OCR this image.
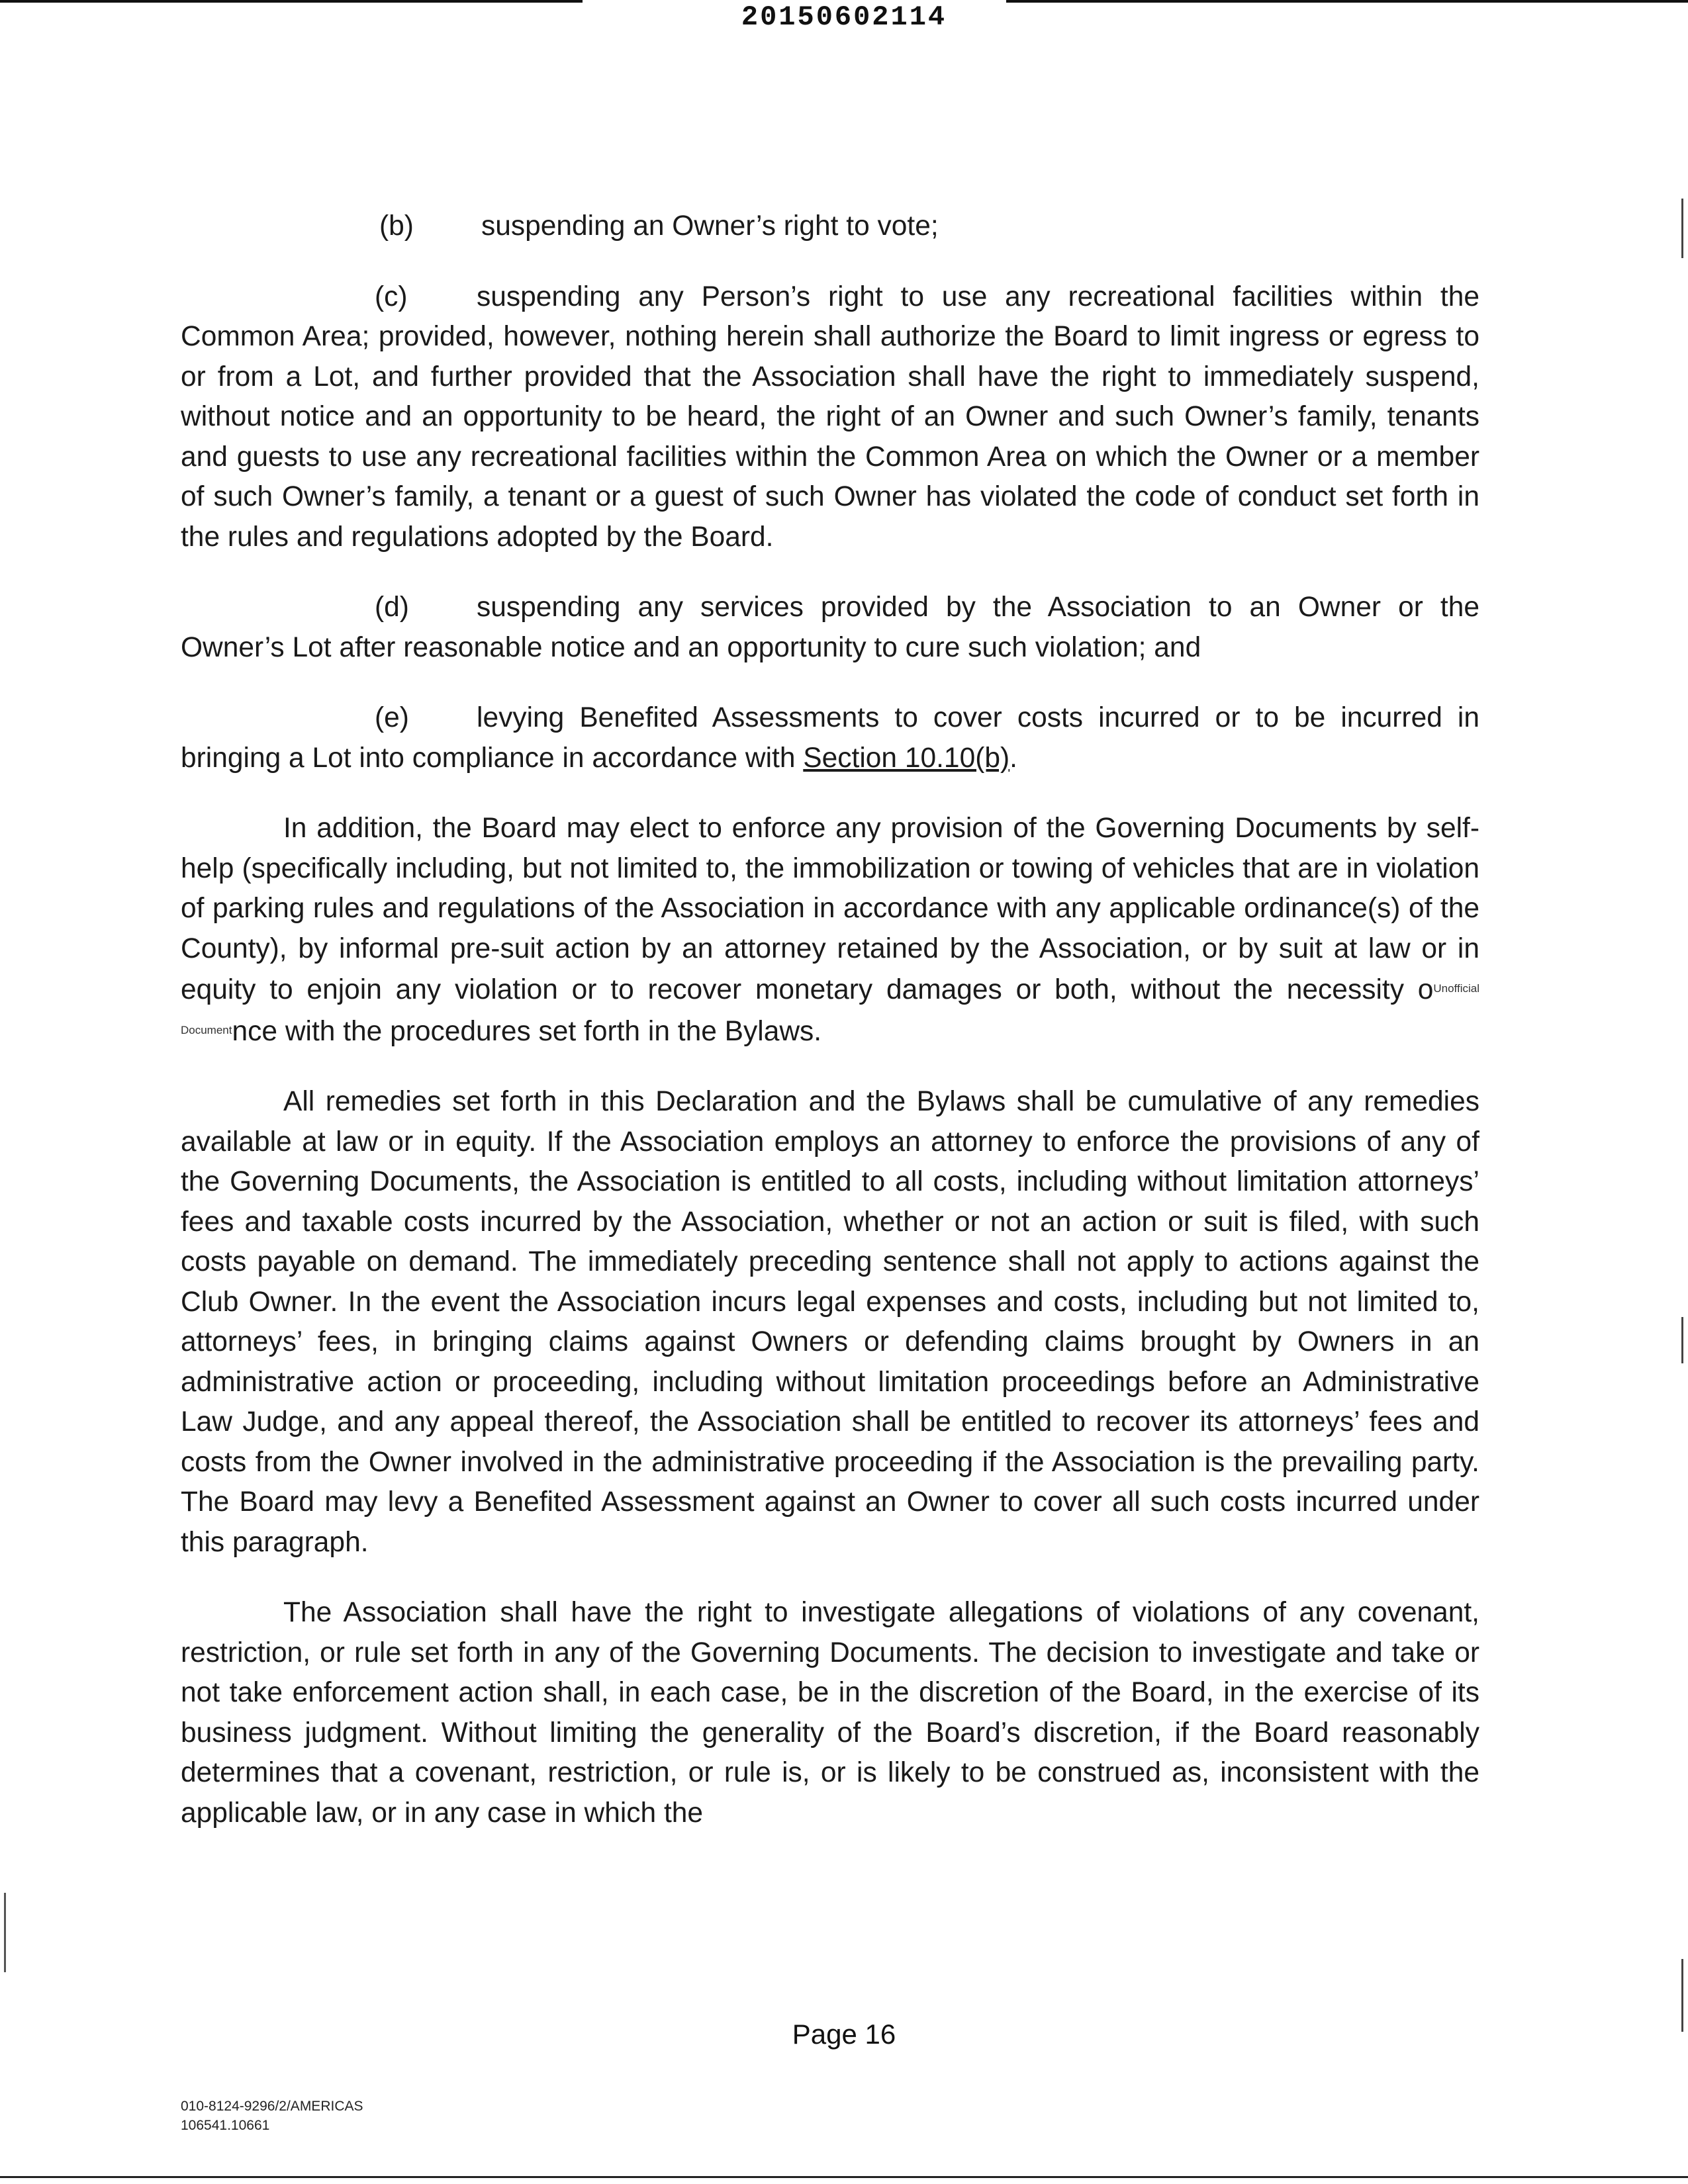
20150602114

(b) suspending an Owner’s right to vote;

(c) suspending any Person’s right to use any recreational facilities within the Common Area; provided, however, nothing herein shall authorize the Board to limit ingress or egress to or from a Lot, and further provided that the Association shall have the right to immediately suspend, without notice and an opportunity to be heard, the right of an Owner and such Owner’s family, tenants and guests to use any recreational facilities within the Common Area on which the Owner or a member of such Owner’s family, a tenant or a guest of such Owner has violated the code of conduct set forth in the rules and regulations adopted by the Board.

(d) suspending any services provided by the Association to an Owner or the Owner’s Lot after reasonable notice and an opportunity to cure such violation; and

(e) levying Benefited Assessments to cover costs incurred or to be incurred in bringing a Lot into compliance in accordance with Section 10.10(b).

In addition, the Board may elect to enforce any provision of the Governing Documents by self-help (specifically including, but not limited to, the immobilization or towing of vehicles that are in violation of parking rules and regulations of the Association in accordance with any applicable ordinance(s) of the County), by informal pre-suit action by an attorney retained by the Association, or by suit at law or in equity to enjoin any violation or to recover monetary damages or both, without the necessity $o^{Unofficial Document}nce$ with the procedures set forth in the Bylaws.

All remedies set forth in this Declaration and the Bylaws shall be cumulative of any remedies available at law or in equity. If the Association employs an attorney to enforce the provisions of any of the Governing Documents, the Association is entitled to all costs, including without limitation attorneys’ fees and taxable costs incurred by the Association, whether or not an action or suit is filed, with such costs payable on demand. The immediately preceding sentence shall not apply to actions against the Club Owner. In the event the Association incurs legal expenses and costs, including but not limited to, attorneys’ fees, in bringing claims against Owners or defending claims brought by Owners in an administrative action or proceeding, including without limitation proceedings before an Administrative Law Judge, and any appeal thereof, the Association shall be entitled to recover its attorneys’ fees and costs from the Owner involved in the administrative proceeding if the Association is the prevailing party. The Board may levy a Benefited Assessment against an Owner to cover all such costs incurred under this paragraph.

The Association shall have the right to investigate allegations of violations of any covenant, restriction, or rule set forth in any of the Governing Documents. The decision to investigate and take or not take enforcement action shall, in each case, be in the discretion of the Board, in the exercise of its business judgment. Without limiting the generality of the Board’s discretion, if the Board reasonably determines that a covenant, restriction, or rule is, or is likely to be construed as, inconsistent with the applicable law, or in any case in which the

Page 16
010-8124-9296/2/AMERICAS
106541.10661
